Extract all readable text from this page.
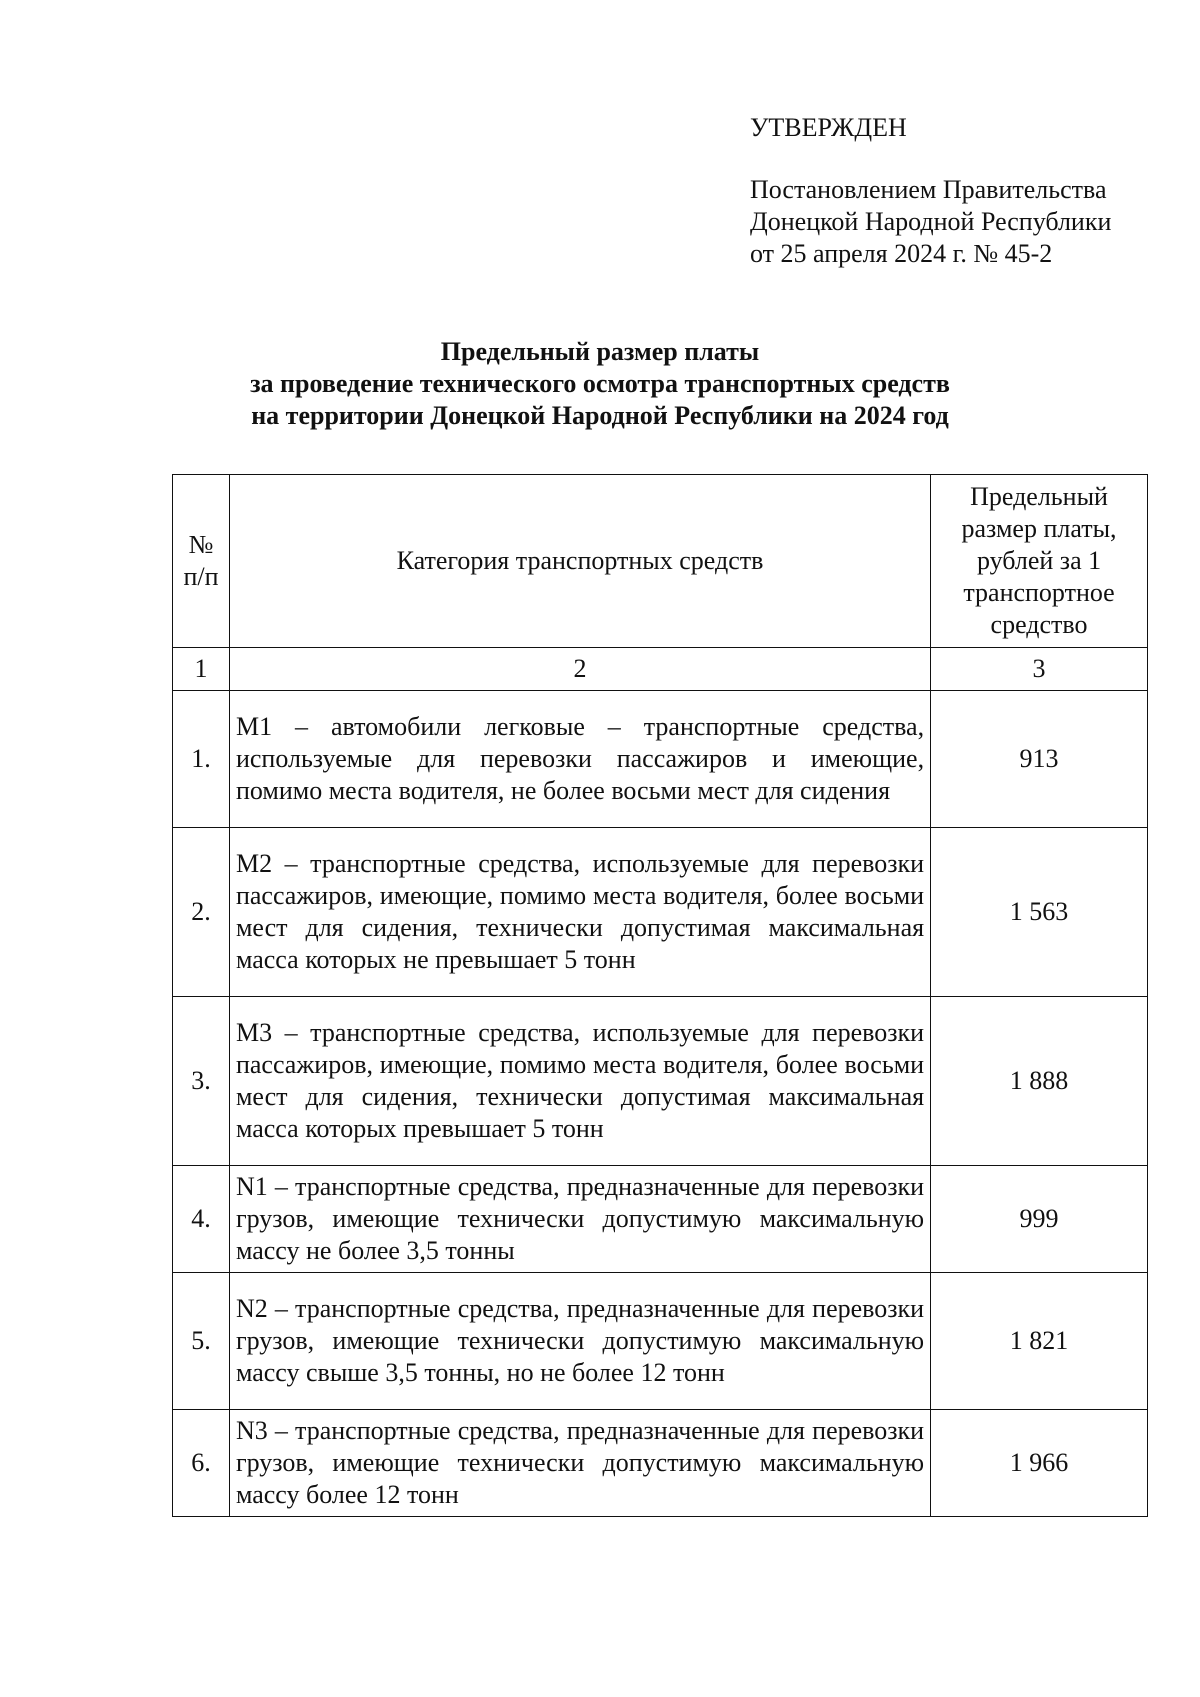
УТВЕРЖДЕН
Постановлением Правительства
Донецкой Народной Республики
от 25 апреля 2024 г. № 45-2
Предельный размер платы
за проведение технического осмотра транспортных средств
на территории Донецкой Народной Республики на 2024 год
№ п/п	Категория транспортных средств	Предельный размер платы, рублей за 1 транспортное средство
1	2	3
1.	М1 – автомобили легковые – транспортные средства, используемые для перевозки пассажиров и имеющие, помимо места водителя, не более восьми мест для сидения	913
2.	М2 – транспортные средства, используемые для перевозки пассажиров, имеющие, помимо места водителя, более восьми мест для сидения, технически допустимая максимальная масса которых не превышает 5 тонн	1 563
3.	М3 – транспортные средства, используемые для перевозки пассажиров, имеющие, помимо места водителя, более восьми мест для сидения, технически допустимая максимальная масса которых превышает 5 тонн	1 888
4.	N1 – транспортные средства, предназначенные для перевозки грузов, имеющие технически допустимую максимальную массу не более 3,5 тонны	999
5.	N2 – транспортные средства, предназначенные для перевозки грузов, имеющие технически допустимую максимальную массу свыше 3,5 тонны, но не более 12 тонн	1 821
6.	N3 – транспортные средства, предназначенные для перевозки грузов, имеющие технически допустимую максимальную массу более 12 тонн	1 966
